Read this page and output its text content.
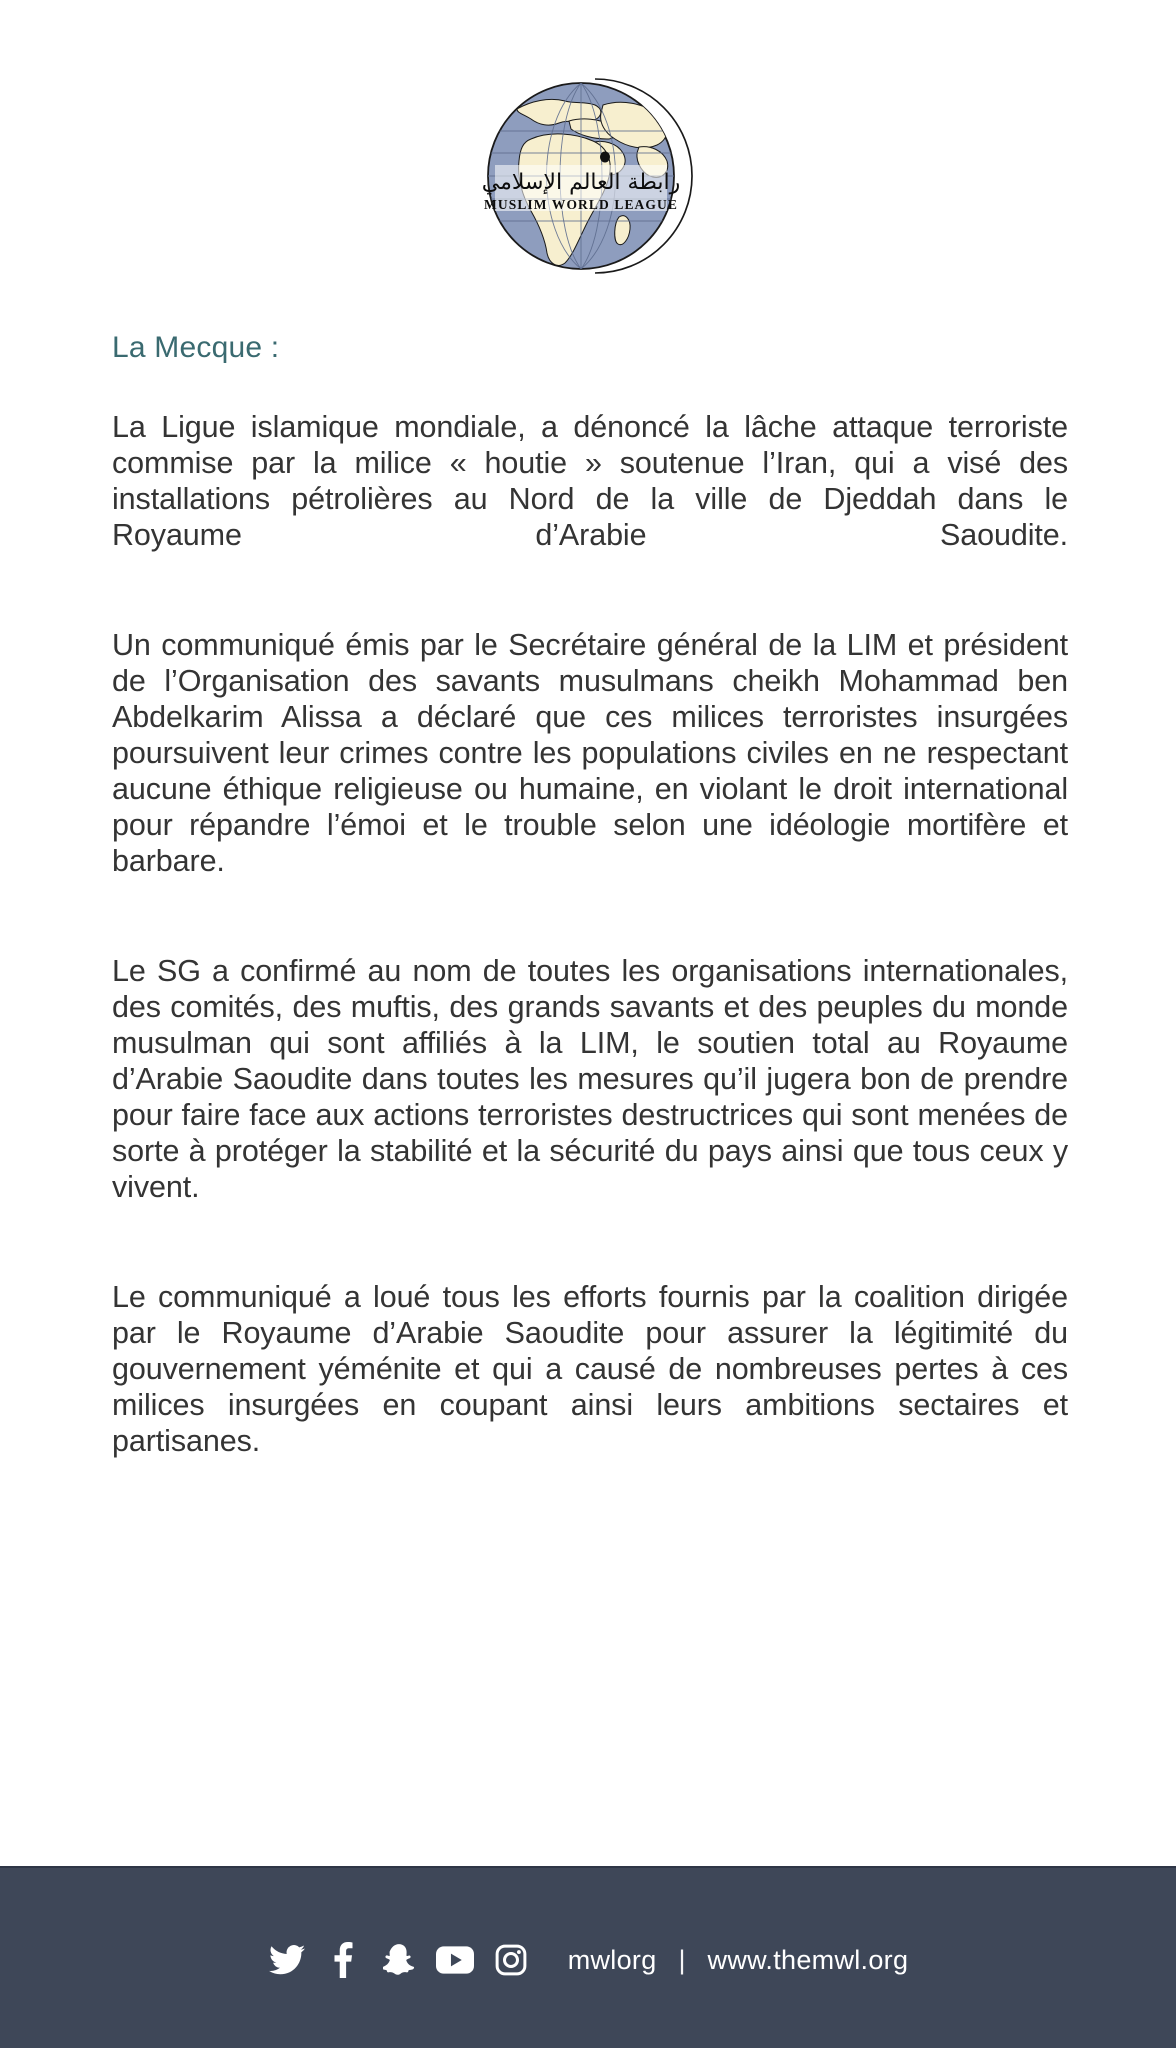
رابطة العالم الإسلامي
MUSLIM WORLD LEAGUE
La Mecque :

La Ligue islamique mondiale, a dénoncé la lâche attaque terroriste commise par la milice « houtie » soutenue l’Iran, qui a visé des installations pétrolières au Nord de la ville de Djeddah dans le Royaume d’Arabie Saoudite.

Un communiqué émis par le Secrétaire général de la LIM et président de l’Organisation des savants musulmans cheikh Mohammad ben Abdelkarim Alissa a déclaré que ces milices terroristes insurgées poursuivent leur crimes contre les populations civiles en ne respectant aucune éthique religieuse ou humaine, en violant le droit international pour répandre l’émoi et le trouble selon une idéologie mortifère et barbare.

Le SG a confirmé au nom de toutes les organisations internationales, des comités, des muftis, des grands savants et des peuples du monde musulman qui sont affiliés à la LIM, le soutien total au Royaume d’Arabie Saoudite dans toutes les mesures qu’il jugera bon de prendre pour faire face aux actions terroristes destructrices qui sont menées de sorte à protéger la stabilité et la sécurité du pays ainsi que tous ceux y vivent.

Le communiqué a loué tous les efforts fournis par la coalition dirigée par le Royaume d’Arabie Saoudite pour assurer la légitimité du gouvernement yéménite et qui a causé de nombreuses pertes à ces milices insurgées en coupant ainsi leurs ambitions sectaires et partisanes.

mwlorg | www.themwl.org
